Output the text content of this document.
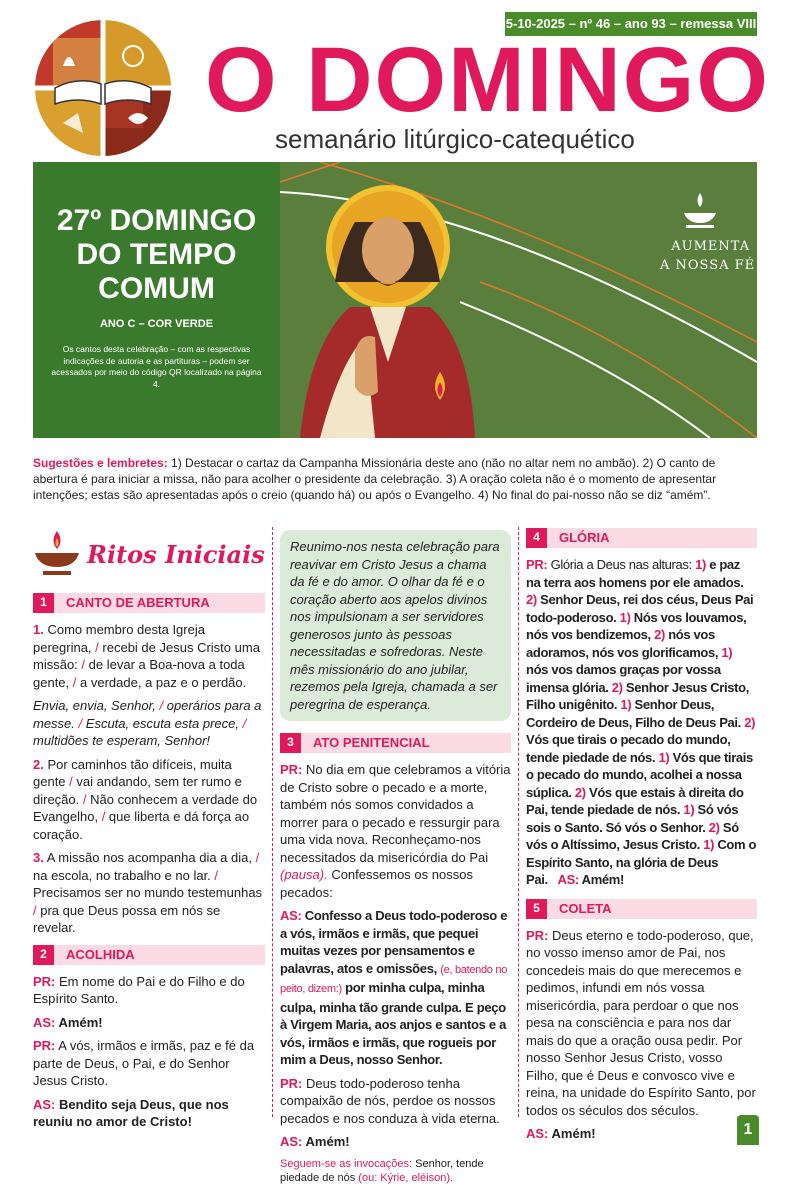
5-10-2025 – nº 46 – ano 93 – remessa VIII
O DOMINGO
semanário litúrgico-catequético
27º DOMINGO
DO TEMPO
COMUM
ANO C – COR VERDE
Os cantos desta celebração – com as respectivas indicações de autoria e as partituras – podem ser acessados por meio do código QR localizado na página 4.
AUMENTA
A NOSSA FÉ!
Sugestões e lembretes: 1) Destacar o cartaz da Campanha Missionária deste ano (não no altar nem no ambão). 2) O canto de abertura é para iniciar a missa, não para acolher o presidente da celebração. 3) A oração coleta não é o momento de apresentar intenções; estas são apresentadas após o creio (quando há) ou após o Evangelho. 4) No final do pai-nosso não se diz “amém”.
Ritos Iniciais
1	CANTO DE ABERTURA

1. Como membro desta Igreja peregrina, / recebi de Jesus Cristo uma missão: / de levar a Boa-nova a toda gente, / a verdade, a paz e o perdão.

Envia, envia, Senhor, / operários para a messe. / Escuta, escuta esta prece, / multidões te esperam, Senhor!

2. Por caminhos tão difíceis, muita gente / vai andando, sem ter rumo e direção. / Não conhecem a verdade do Evangelho, / que liberta e dá força ao coração.

3. A missão nos acompanha dia a dia, / na escola, no trabalho e no lar. / Precisamos ser no mundo testemunhas / pra que Deus possa em nós se revelar.

2	ACOLHIDA

PR: Em nome do Pai e do Filho e do Espírito Santo.

AS: Amém!

PR: A vós, irmãos e irmãs, paz e fé da parte de Deus, o Pai, e do Senhor Jesus Cristo.

AS: Bendito seja Deus, que nos reuniu no amor de Cristo!

Reunimo-nos nesta celebração para reavivar em Cristo Jesus a chama da fé e do amor. O olhar da fé e o coração aberto aos apelos divinos nos impulsionam a ser servidores generosos junto às pessoas necessitadas e sofredoras. Neste mês missionário do ano jubilar, rezemos pela Igreja, chamada a ser peregrina de esperança.
3	ATO PENITENCIAL

PR: No dia em que celebramos a vitória de Cristo sobre o pecado e a morte, também nós somos convidados a morrer para o pecado e ressurgir para uma vida nova. Reconheçamo-nos necessitados da misericórdia do Pai (pausa). Confessemos os nossos pecados:

AS: Confesso a Deus todo-poderoso e a vós, irmãos e irmãs, que pequei muitas vezes por pensamentos e palavras, atos e omissões, (e, batendo no peito, dizem:) por minha culpa, minha culpa, minha tão grande culpa. E peço à Virgem Maria, aos anjos e santos e a vós, irmãos e irmãs, que rogueis por mim a Deus, nosso Senhor.

PR: Deus todo-poderoso tenha compaixão de nós, perdoe os nossos pecados e nos conduza à vida eterna.

AS: Amém!

Seguem-se as invocações: Senhor, tende piedade de nós (ou: Kýrie, eléison).

4	GLÓRIA

PR: Glória a Deus nas alturas: 1) e paz na terra aos homens por ele amados. 2) Senhor Deus, rei dos céus, Deus Pai todo-poderoso. 1) Nós vos louvamos, nós vos bendizemos, 2) nós vos adoramos, nós vos glorificamos, 1) nós vos damos graças por vossa imensa glória. 2) Senhor Jesus Cristo, Filho unigênito. 1) Senhor Deus, Cordeiro de Deus, Filho de Deus Pai. 2) Vós que tirais o pecado do mundo, tende piedade de nós. 1) Vós que tirais o pecado do mundo, acolhei a nossa súplica. 2) Vós que estais à direita do Pai, tende piedade de nós. 1) Só vós sois o Santo. Só vós o Senhor. 2) Só vós o Altíssimo, Jesus Cristo. 1) Com o Espírito Santo, na glória de Deus Pai. AS: Amém!

5	COLETA

PR: Deus eterno e todo-poderoso, que, no vosso imenso amor de Pai, nos concedeis mais do que merecemos e pedimos, infundi em nós vossa misericórdia, para perdoar o que nos pesa na consciência e para nos dar mais do que a oração ousa pedir. Por nosso Senhor Jesus Cristo, vosso Filho, que é Deus e convosco vive e reina, na unidade do Espírito Santo, por todos os séculos dos séculos.

AS: Amém!	1
